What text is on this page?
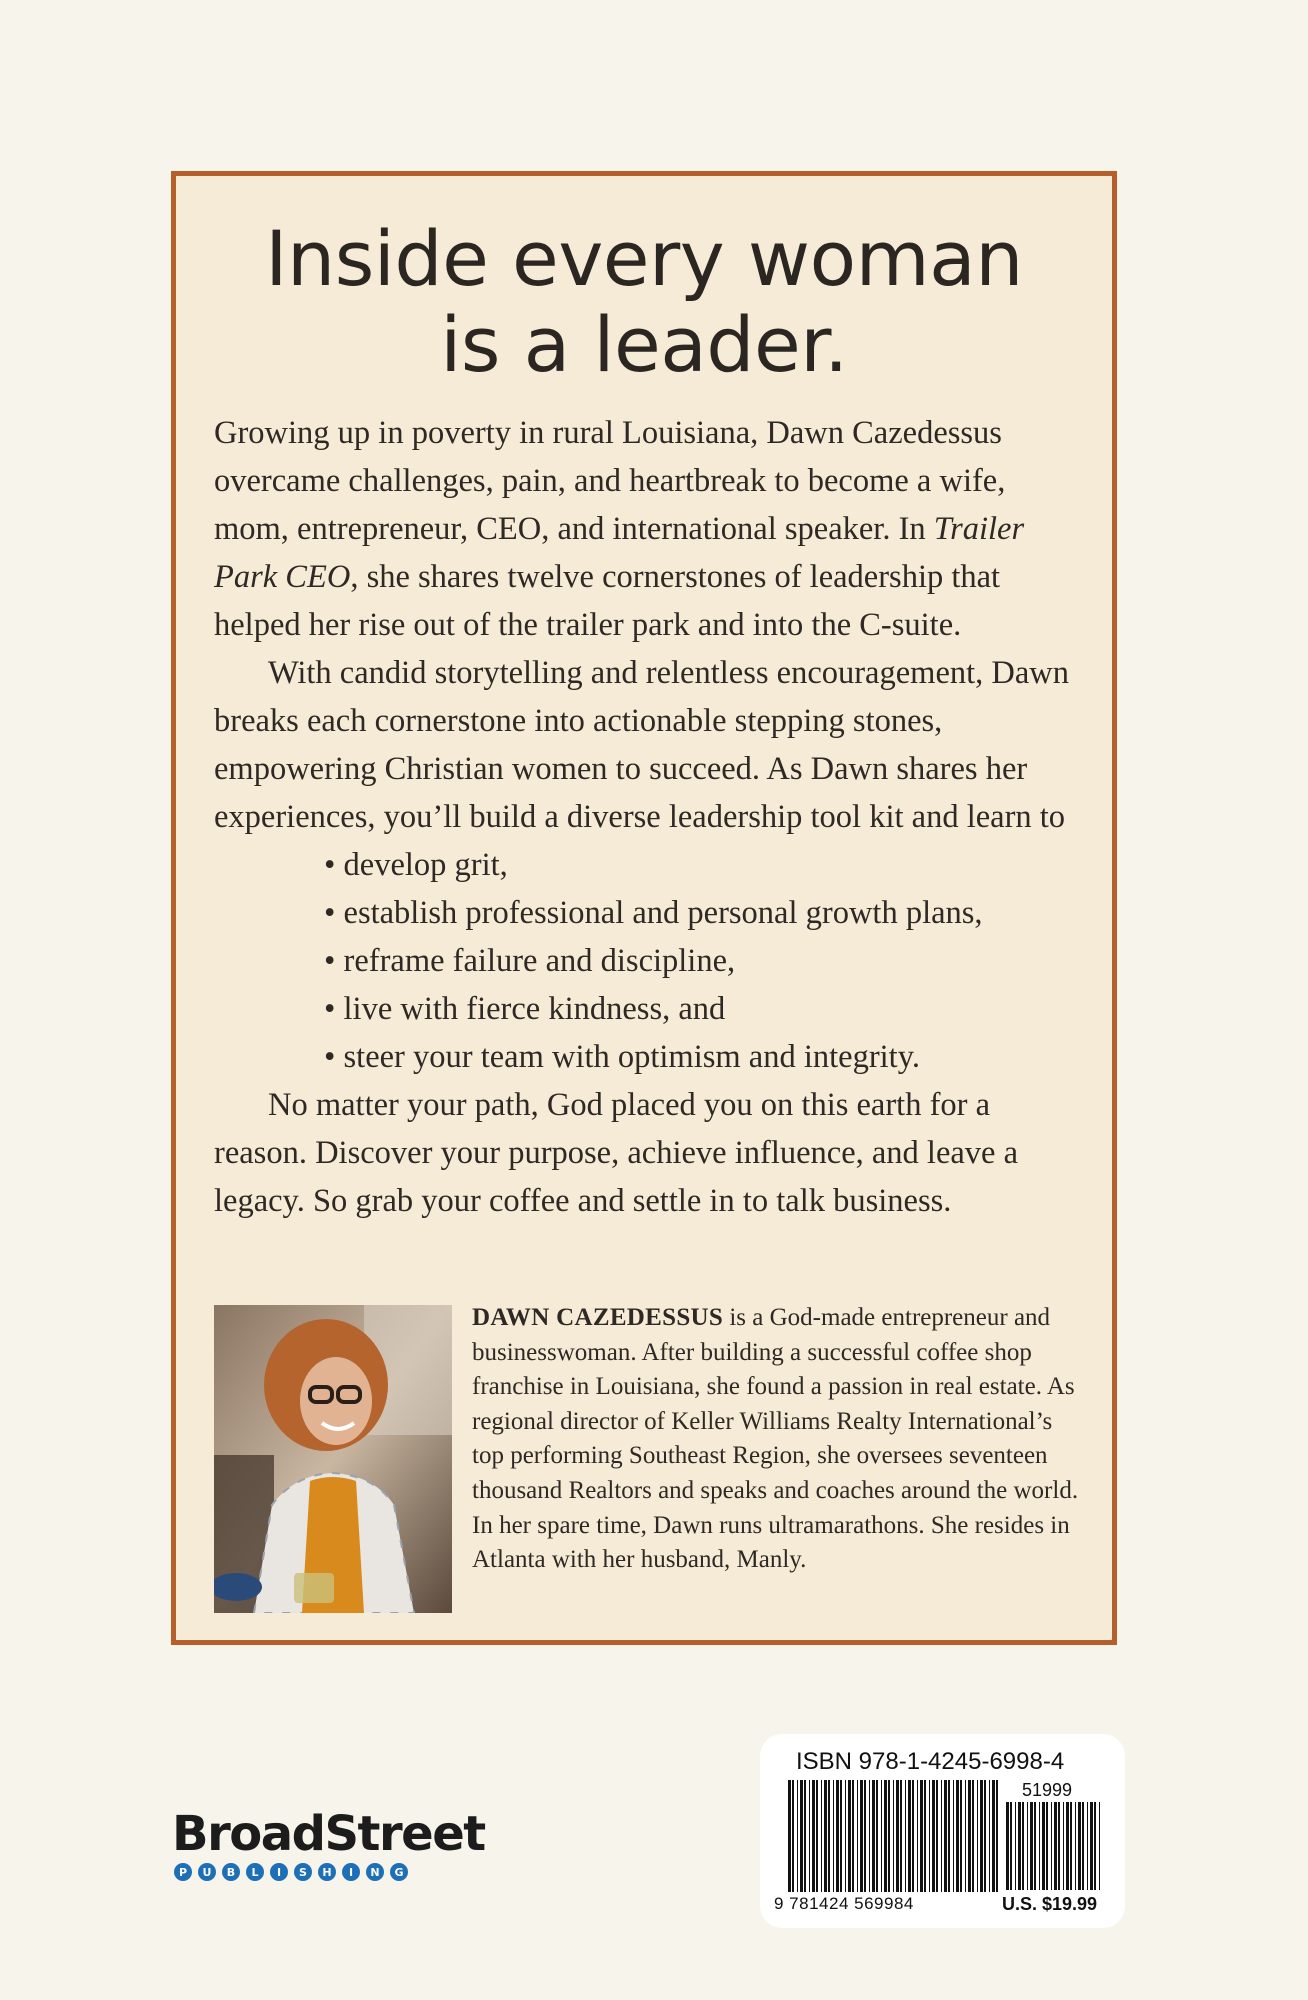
Inside every woman
is a leader.

Growing up in poverty in rural Louisiana, Dawn Cazedessus overcame challenges, pain, and heartbreak to become a wife, mom, entrepreneur, CEO, and international speaker. In Trailer Park CEO, she shares twelve cornerstones of leadership that helped her rise out of the trailer park and into the C-suite.

With candid storytelling and relentless encouragement, Dawn breaks each cornerstone into actionable stepping stones, empowering Christian women to succeed. As Dawn shares her experiences, you’ll build a diverse leadership tool kit and learn to

• develop grit,
• establish professional and personal growth plans,
• reframe failure and discipline,
• live with fierce kindness, and
• steer your team with optimism and integrity.

No matter your path, God placed you on this earth for a reason. Discover your purpose, achieve influence, and leave a legacy. So grab your coffee and settle in to talk business.

DAWN CAZEDESSUS is a God-made entrepreneur and businesswoman. After building a successful coffee shop franchise in Louisiana, she found a passion in real estate. As regional director of Keller Williams Realty International’s top performing Southeast Region, she oversees seventeen thousand Realtors and speaks and coaches around the world. In her spare time, Dawn runs ultramarathons. She resides in Atlanta with her husband, Manly.
BroadStreet
P	U	B	L	I	S	H	I	N	G
ISBN 978-1-4245-6998-4
51999
9 781424 569984	U.S. $19.99
